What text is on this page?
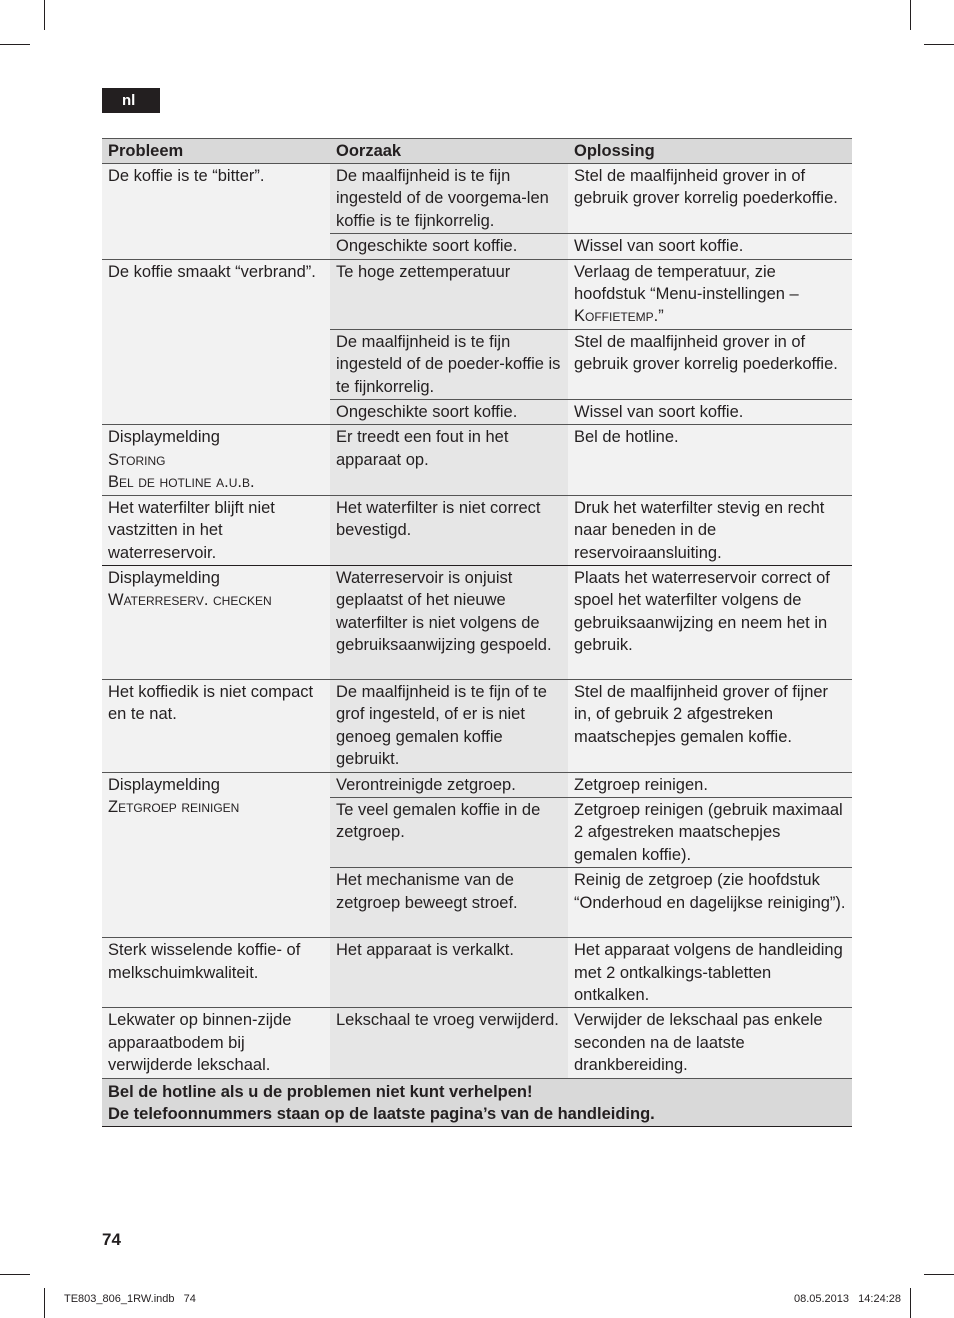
nl
Probleem	Oorzaak	Oplossing
De koffie is te “bitter”.	De maalfijnheid is te fijn ingesteld of de voorgema-len koffie is te fijnkorrelig.	Stel de maalfijnheid grover in of gebruik grover korrelig poederkoffie.
	Ongeschikte soort koffie.	Wissel van soort koffie.
De koffie smaakt “verbrand”.	Te hoge zettemperatuur	Verlaag de temperatuur, zie hoofdstuk “Menu-instellingen – Koffietemp.”
	De maalfijnheid is te fijn ingesteld of de poeder-koffie is te fijnkorrelig.	Stel de maalfijnheid grover in of gebruik grover korrelig poederkoffie.
	Ongeschikte soort koffie.	Wissel van soort koffie.

Displaymelding
Storing
Bel de hotline a.u.b.	Er treedt een fout in het apparaat op.	Bel de hotline.
Het waterfilter blijft niet vastzitten in het waterreservoir.	Het waterfilter is niet correct bevestigd.	Druk het waterfilter stevig en recht naar beneden in de reservoiraansluiting.

Displaymelding
Waterreserv. checken	Waterreservoir is onjuist geplaatst of het nieuwe waterfilter is niet volgens de gebruiksaanwijzing gespoeld.	Plaats het waterreservoir correct of spoel het waterfilter volgens de gebruiksaanwijzing en neem het in gebruik.
Het koffiedik is niet compact en te nat.	De maalfijnheid is te fijn of te grof ingesteld, of er is niet genoeg gemalen koffie gebruikt.	Stel de maalfijnheid grover of fijner in, of gebruik 2 afgestreken maatschepjes gemalen koffie.

Displaymelding
Zetgroep reinigen	Verontreinigde zetgroep.	Zetgroep reinigen.
	Te veel gemalen koffie in de zetgroep.	Zetgroep reinigen (gebruik maximaal 2 afgestreken maatschepjes gemalen koffie).
	Het mechanisme van de zetgroep beweegt stroef.	Reinig de zetgroep (zie hoofdstuk “Onderhoud en dagelijkse reiniging”).
Sterk wisselende koffie- of melkschuimkwaliteit.	Het apparaat is verkalkt.	Het apparaat volgens de handleiding met 2 ontkalkings-tabletten ontkalken.
Lekwater op binnen-zijde apparaatbodem bij verwijderde lekschaal.	Lekschaal te vroeg verwijderd.	Verwijder de lekschaal pas enkele seconden na de laatste drankbereiding.

Bel de hotline als u de problemen niet kunt verhelpen!
De telefoonnummers staan op de laatste pagina’s van de handleiding.		
74
TE803_806_1RW.indb   74	08.05.2013   14:24:28
